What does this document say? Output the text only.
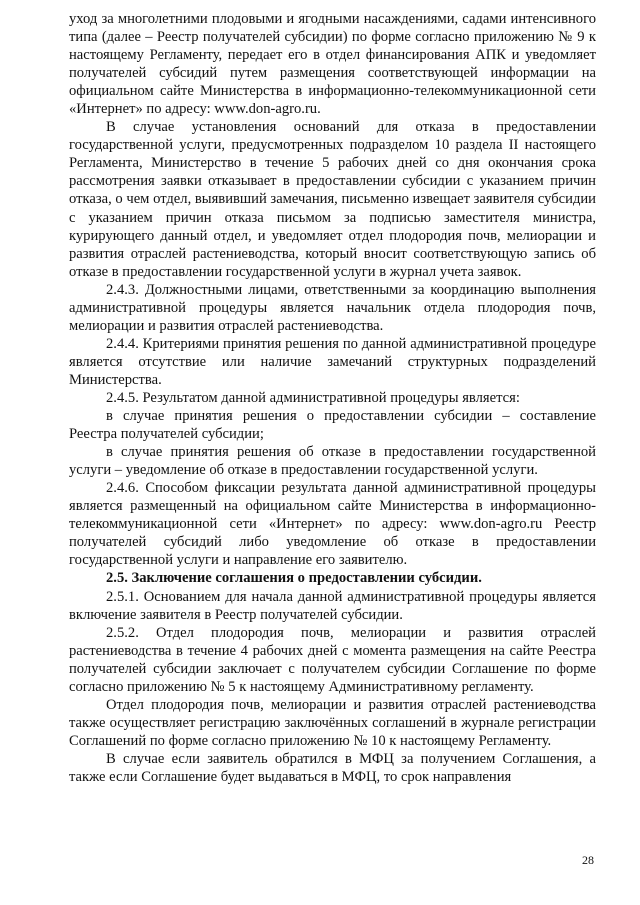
уход за многолетними плодовыми и ягодными насаждениями, садами интенсивного типа (далее – Реестр получателей субсидии) по форме согласно приложению № 9 к настоящему Регламенту, передает его в отдел финансирования АПК и уведомляет получателей субсидий путем размещения соответствующей информации на официальном сайте Министерства в информационно-телекоммуникационной сети «Интернет» по адресу: www.don-agro.ru.

В случае установления оснований для отказа в предоставлении государственной услуги, предусмотренных подразделом 10 раздела II настоящего Регламента, Министерство в течение 5 рабочих дней со дня окончания срока рассмотрения заявки отказывает в предоставлении субсидии с указанием причин отказа, о чем отдел, выявивший замечания, письменно извещает заявителя субсидии с указанием причин отказа письмом за подписью заместителя министра, курирующего данный отдел, и уведомляет отдел плодородия почв, мелиорации и развития отраслей растениеводства, который вносит соответствующую запись об отказе в предоставлении государственной услуги в журнал учета заявок.

2.4.3. Должностными лицами, ответственными за координацию выполнения административной процедуры является начальник отдела плодородия почв, мелиорации и развития отраслей растениеводства.

2.4.4. Критериями принятия решения по данной административной процедуре является отсутствие или наличие замечаний структурных подразделений Министерства.

2.4.5. Результатом данной административной процедуры является:

в случае принятия решения о предоставлении субсидии – составление Реестра получателей субсидии;

в случае принятия решения об отказе в предоставлении государственной услуги – уведомление об отказе в предоставлении государственной услуги.

2.4.6. Способом фиксации результата данной административной процедуры является размещенный на официальном сайте Министерства в информационно-телекоммуникационной сети «Интернет» по адресу: www.don-agro.ru Реестр получателей субсидий либо уведомление об отказе в предоставлении государственной услуги и направление его заявителю.

2.5. Заключение соглашения о предоставлении субсидии.

2.5.1. Основанием для начала данной административной процедуры является включение заявителя в Реестр получателей субсидии.

2.5.2. Отдел плодородия почв, мелиорации и развития отраслей растениеводства в течение 4 рабочих дней с момента размещения на сайте Реестра получателей субсидии заключает с получателем субсидии Соглашение по форме согласно приложению № 5 к настоящему Административному регламенту.

Отдел плодородия почв, мелиорации и развития отраслей растениеводства также осуществляет регистрацию заключённых соглашений в журнале регистрации Соглашений по форме согласно приложению № 10 к настоящему Регламенту.

В случае если заявитель обратился в МФЦ за получением Соглашения, а также если Соглашение будет выдаваться в МФЦ, то срок направления

28
